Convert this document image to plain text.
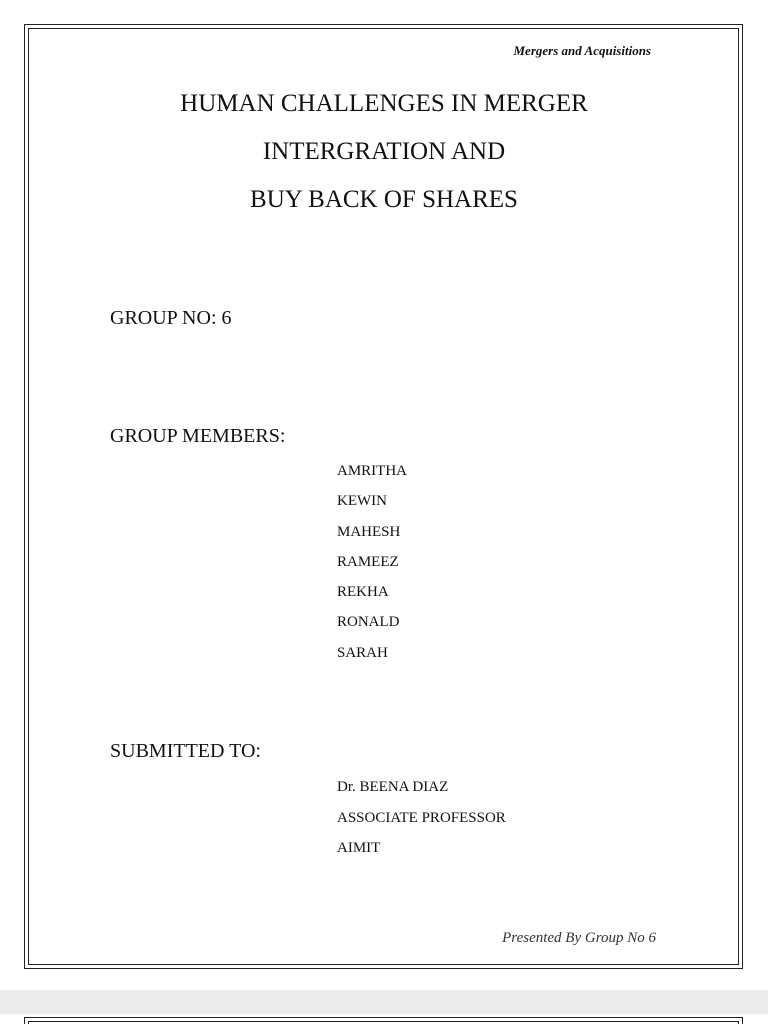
Mergers and Acquisitions
HUMAN CHALLENGES IN MERGER
INTERGRATION AND
BUY BACK OF SHARES
GROUP NO: 6
GROUP MEMBERS:
AMRITHA
KEWIN
MAHESH
RAMEEZ
REKHA
RONALD
SARAH
SUBMITTED TO:
Dr. BEENA DIAZ
ASSOCIATE PROFESSOR
AIMIT
Presented By Group No 6
